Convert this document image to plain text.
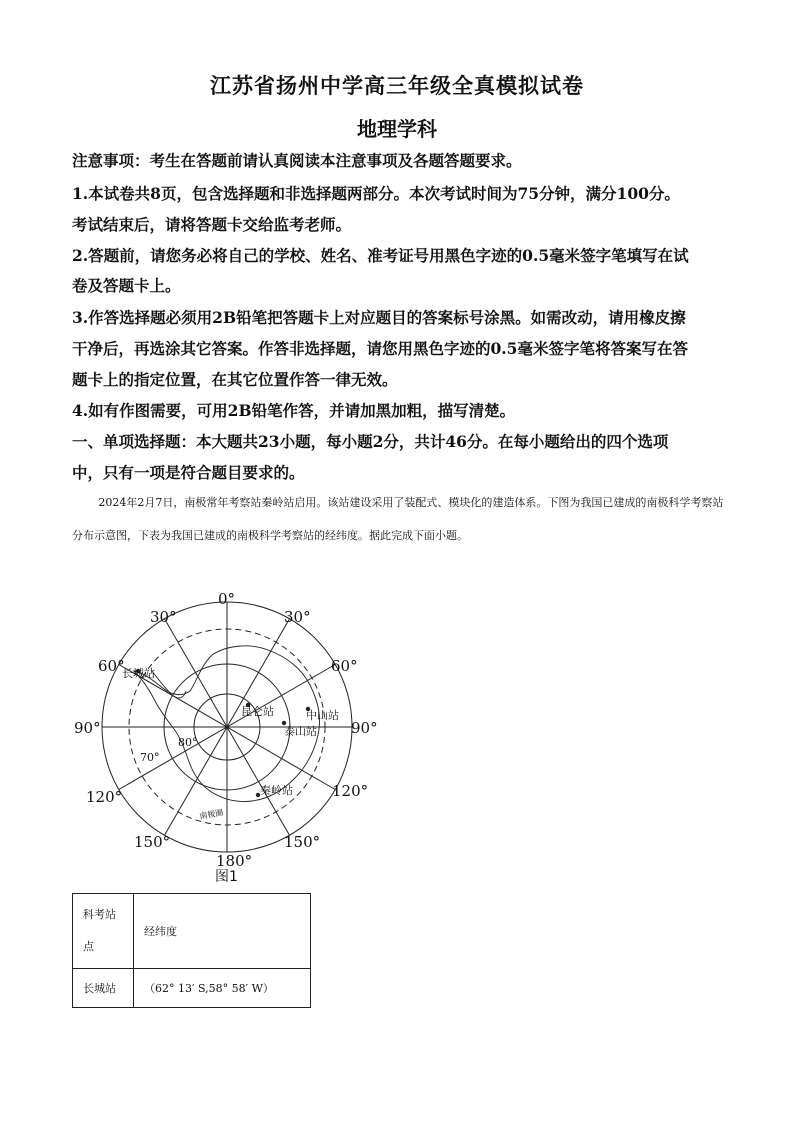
江苏省扬州中学高三年级全真模拟试卷
地理学科
注意事项：考生在答题前请认真阅读本注意事项及各题答题要求。
1.本试卷共8页，包含选择题和非选择题两部分。本次考试时间为75分钟，满分100分。
考试结束后，请将答题卡交给监考老师。
2.答题前，请您务必将自己的学校、姓名、准考证号用黑色字迹的0.5毫米签字笔填写在试
卷及答题卡上。
3.作答选择题必须用2B铅笔把答题卡上对应题目的答案标号涂黑。如需改动，请用橡皮擦
干净后，再选涂其它答案。作答非选择题，请您用黑色字迹的0.5毫米签字笔将答案写在答
题卡上的指定位置，在其它位置作答一律无效。
4.如有作图需要，可用2B铅笔作答，并请加黑加粗，描写清楚。
一、单项选择题：本大题共23小题，每小题2分，共计46分。在每小题给出的四个选项
中，只有一项是符合题目要求的。
2024年2月7日，南极常年考察站秦岭站启用。该站建设采用了装配式、模块化的建造体系。下图为我国已建成的南极科学考察站分布示意图，下表为我国已建成的南极科学考察站的经纬度。据此完成下面小题。
0°
30°	30°
60°	60°
90°	90°
120°	120°
150°	150°
180°
80°
70°
长城站
昆仑站	中山站
泰山站
秦岭站
南极圈
图1
科考站
点	经纬度
长城站	（62° 13′ S,58° 58′ W）
